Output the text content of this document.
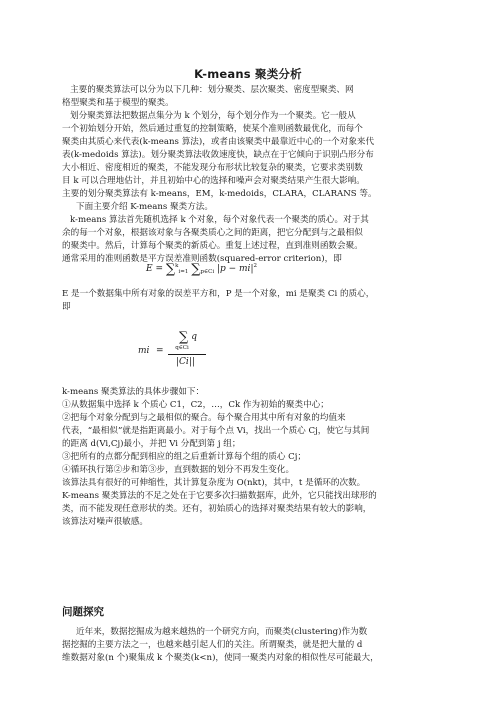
K-means 聚类分析

主要的聚类算法可以分为以下几种：划分聚类、层次聚类、密度型聚类、网

格型聚类和基于模型的聚类。

划分聚类算法把数据点集分为 k 个划分，每个划分作为一个聚类。它一般从

一个初始划分开始，然后通过重复的控制策略，使某个准则函数最优化，而每个

聚类由其质心来代表(k-means 算法)，或者由该聚类中最靠近中心的一个对象来代

表(k-medoids 算法)。划分聚类算法收敛速度快，缺点在于它倾向于识别凸形分布

大小相近、密度相近的聚类，不能发现分布形状比较复杂的聚类，它要求类别数

目 k 可以合理地估计，并且初始中心的选择和噪声会对聚类结果产生很大影响。

主要的划分聚类算法有 k-means，EM，k-medoids，CLARA，CLARANS 等。

下面主要介绍 K-means 聚类方法。

k-means 算法首先随机选择 k 个对象，每个对象代表一个聚类的质心。对于其

余的每一个对象，根据该对象与各聚类质心之间的距离，把它分配到与之最相似

的聚类中。然后，计算每个聚类的新质心。重复上述过程，直到准则函数会聚。

通常采用的准则函数是平方误差准则函数(squared-error criterion)，即

E = ∑$^k_{i=1}$ $\sum_{p\in Ci}$ $|p - mi|^2$

E 是一个数据集中所有对象的误差平方和，P 是一个对象，mi 是聚类 Ci 的质心，

即

mi =
∑ q
q∈Ci
|Ci||

k-means 聚类算法的具体步骤如下：

①从数据集中选择 k 个质心 C1，C2，…，Ck 作为初始的聚类中心；

②把每个对象分配到与之最相似的聚合。每个聚合用其中所有对象的均值来

代表，“最相似”就是指距离最小。对于每个点 Vi，找出一个质心 Cj，使它与其间

的距离 d(Vi,Cj)最小，并把 Vi 分配到第 j 组；

③把所有的点都分配到相应的组之后重新计算每个组的质心 Cj；

④循环执行第②步和第③步，直到数据的划分不再发生变化。

该算法具有很好的可伸缩性，其计算复杂度为 O(nkt)，其中，t 是循环的次数。

K-means 聚类算法的不足之处在于它要多次扫描数据库，此外，它只能找出球形的

类，而不能发现任意形状的类。还有，初始质心的选择对聚类结果有较大的影响，

该算法对噪声很敏感。

问题探究

近年来，数据挖掘成为越来越热的一个研究方向，而聚类(clustering)作为数

据挖掘的主要方法之一，也越来越引起人们的关注。所谓聚类，就是把大量的 d

维数据对象(n 个)聚集成 k 个聚类(k<n)，使同一聚类内对象的相似性尽可能最大，
